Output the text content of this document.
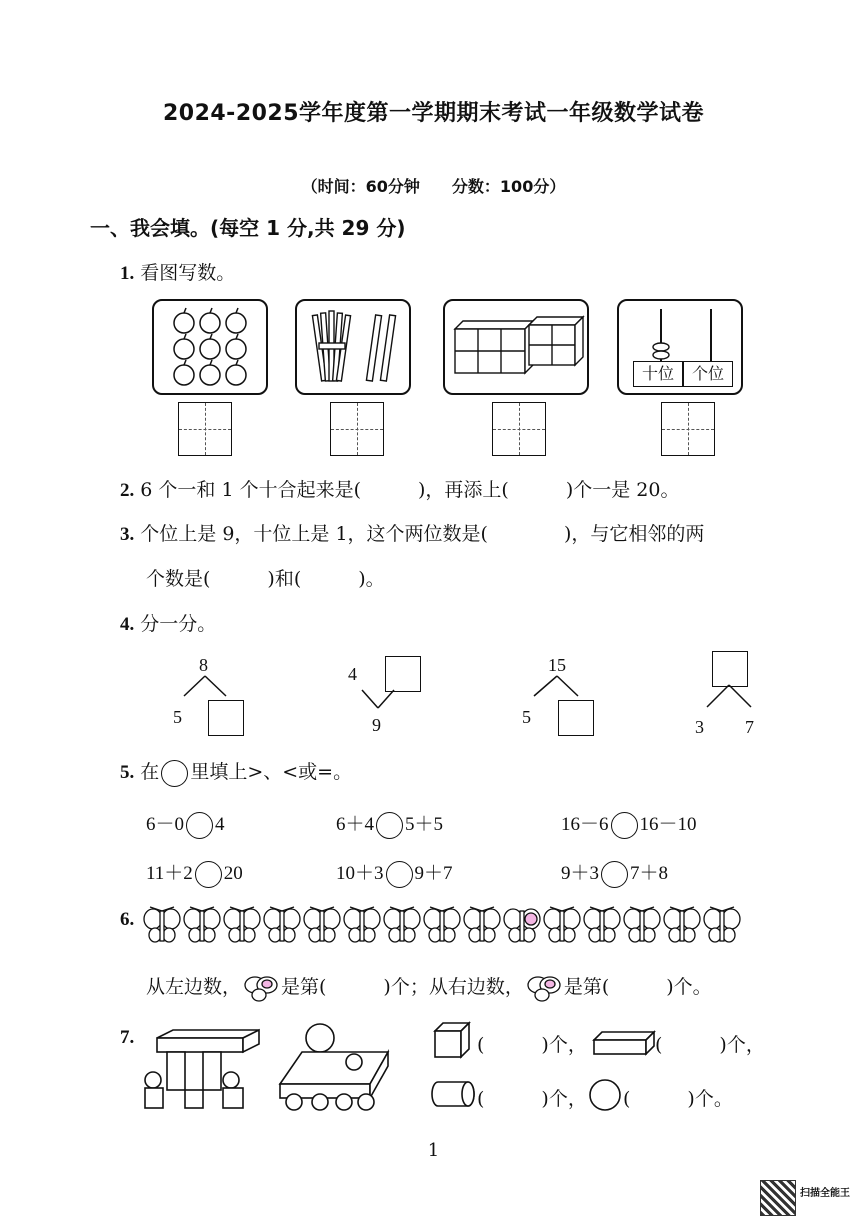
2024-2025学年度第一学期期末考试一年级数学试卷
（时间：60分钟　　分数：100分）
一、我会填。(每空 1 分,共 29 分)
1. 看图写数。
十位	个位
2. 6 个一和 1 个十合起来是(　　　)，再添上(　　　)个一是 20。
3. 个位上是 9，十位上是 1，这个两位数是(　　　　)，与它相邻的两
个数是(　　　)和(　　　)。
4. 分一分。
8
5
4
9
15
5	3 7
5. 在 里填上>、<或=。
6－0 4	6＋4 5＋5	16－6 16－10
11＋2 20	10＋3 9＋7	9＋3 7＋8
6.
从左边数， 是第(　　　)个；从右边数， 是第(　　　)个。
7.	(　　　)个，	(　　　)个，
(　　　)个， (　　　)个。
1
扫描全能王
